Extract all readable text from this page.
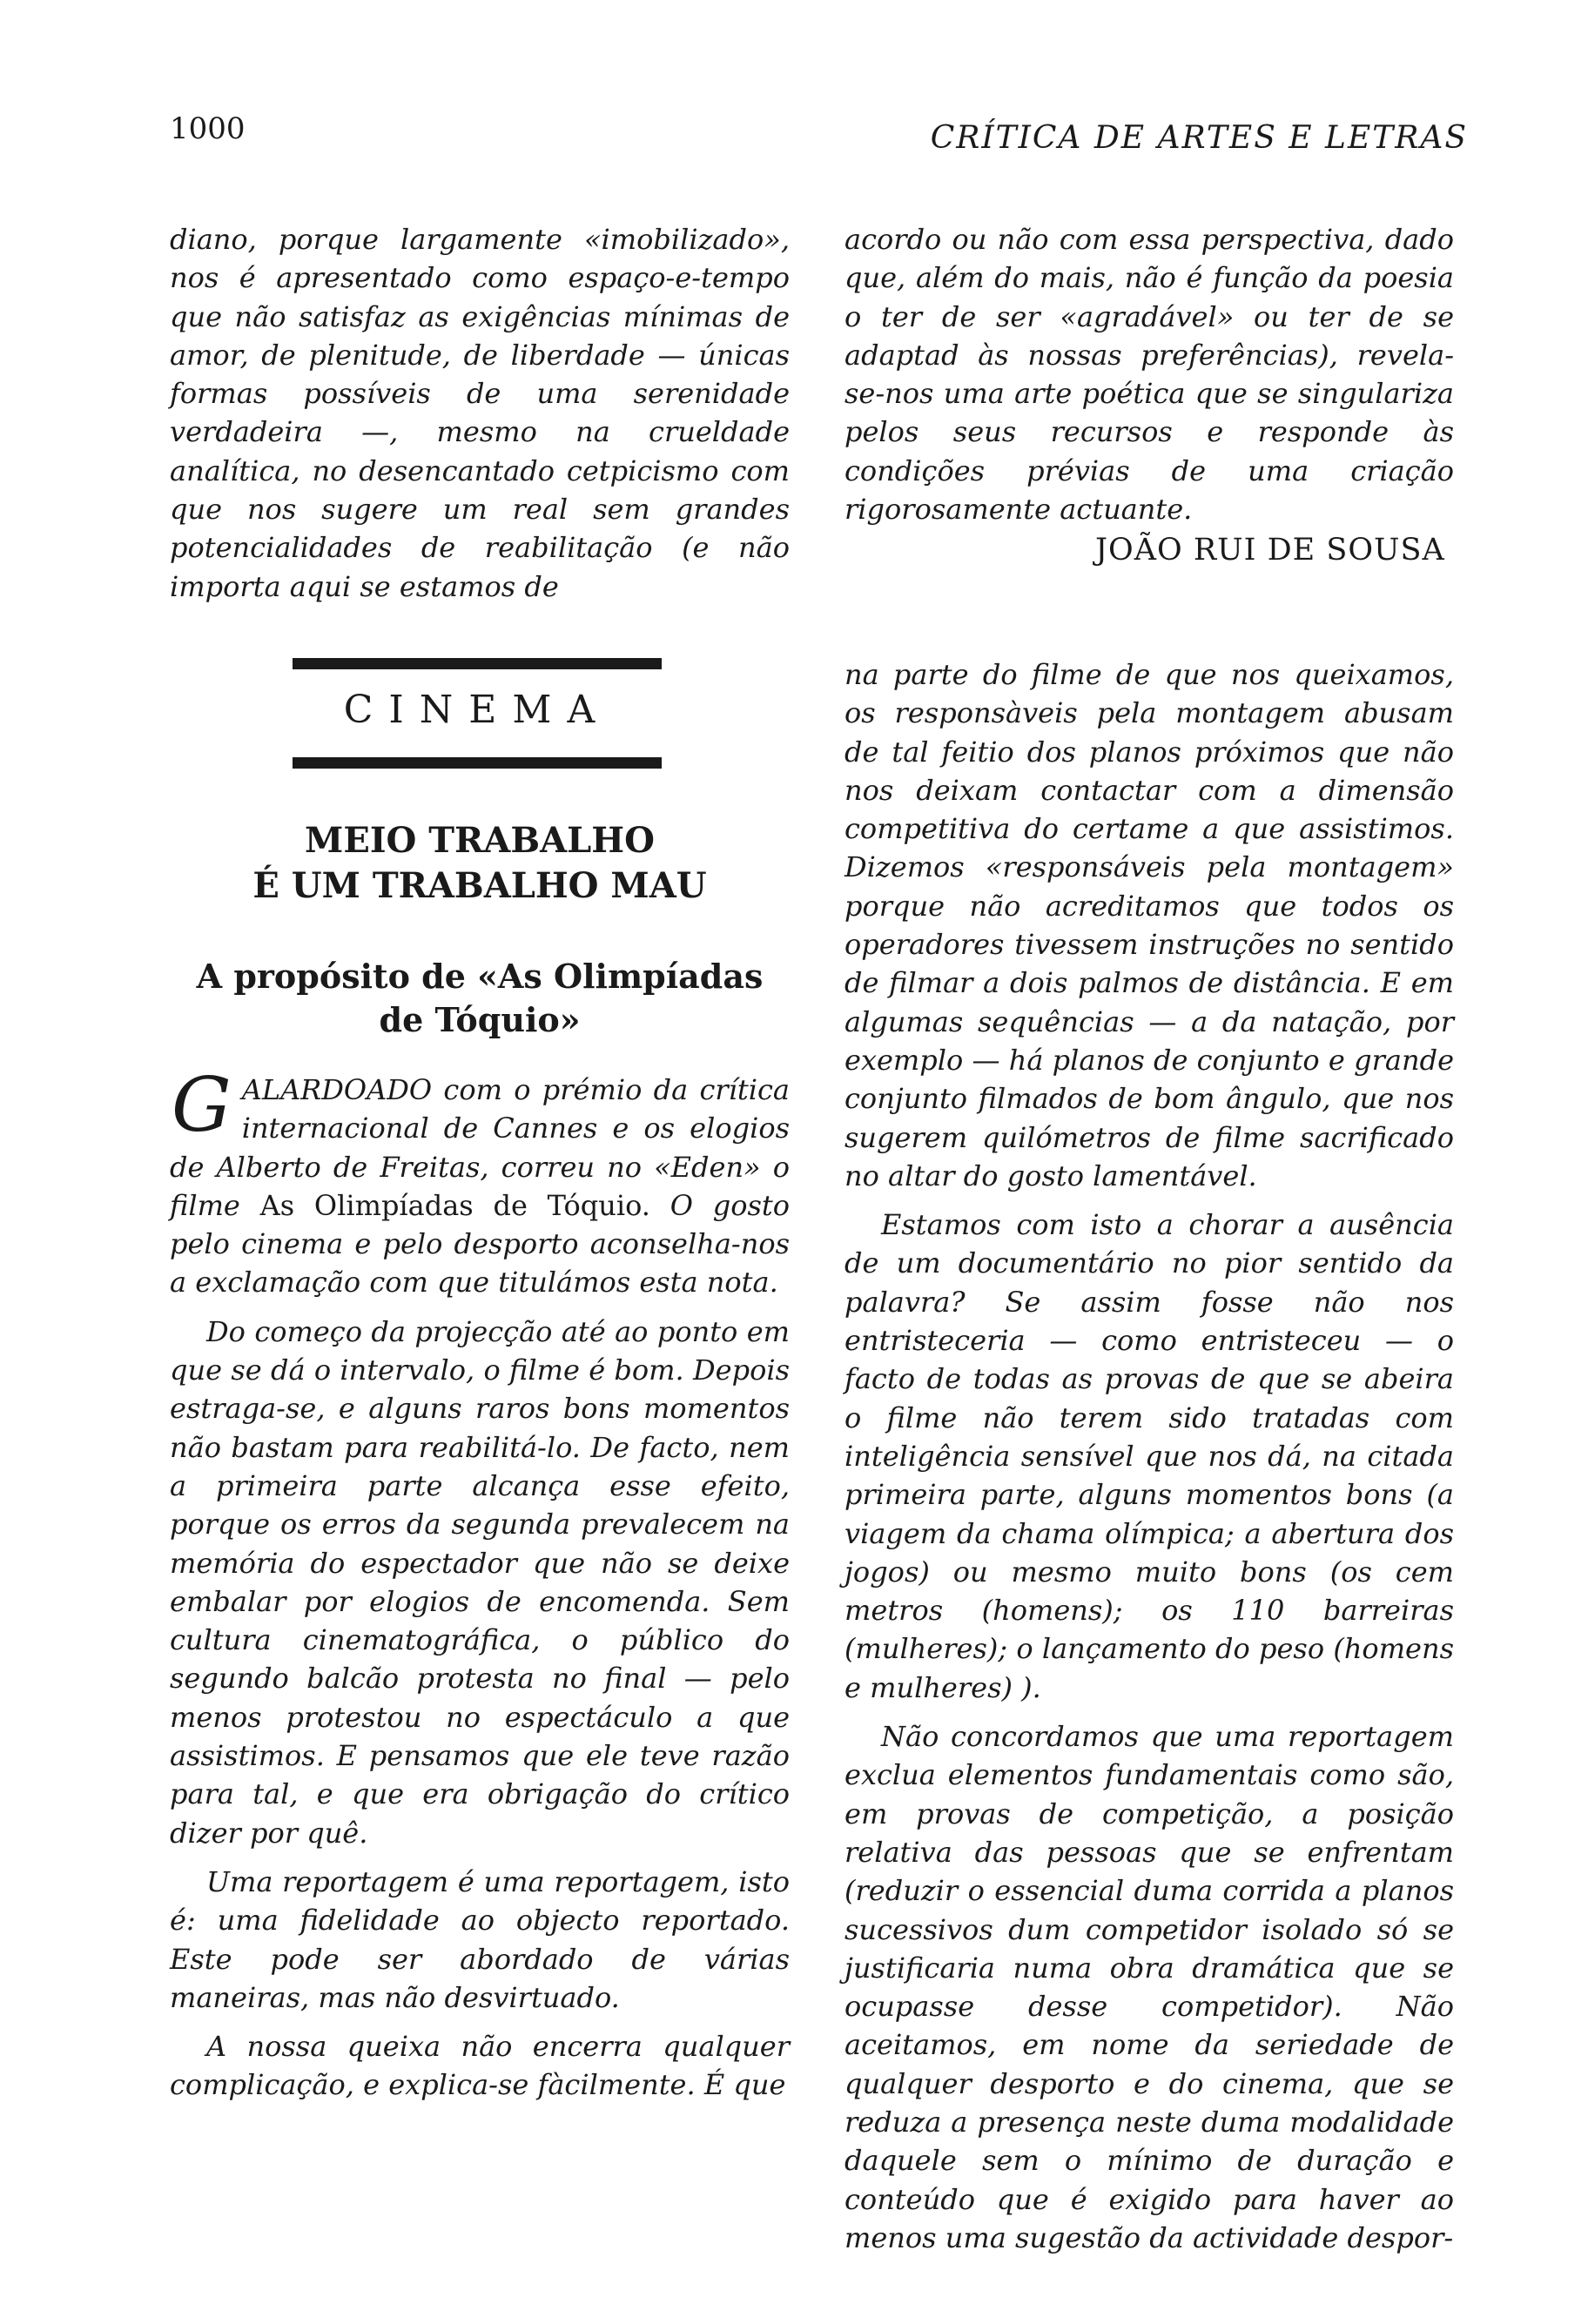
1000	CRÍTICA DE ARTES E LETRAS

diano, porque largamente «imobilizado», nos é apresentado como espaço-e-tempo que não satisfaz as exigências mínimas de amor, de plenitude, de liberdade — únicas formas possíveis de uma serenidade verdadeira —, mesmo na crueldade analítica, no desencantado cetpicismo com que nos sugere um real sem grandes potencialidades de reabilitação (e não importa aqui se estamos de

acordo ou não com essa perspectiva, dado que, além do mais, não é função da poesia o ter de ser «agradável» ou ter de se adaptad às nossas preferências), revela-se-nos uma arte poética que se singulariza pelos seus recursos e responde às condições prévias de uma criação rigorosamente actuante.

JOÃO RUI DE SOUSA
CINEMA
MEIO TRABALHO
É UM TRABALHO MAU
A propósito de «As Olimpíadas
de Tóquio»

GALARDOADO com o prémio da crítica internacional de Cannes e os elogios de Alberto de Freitas, correu no «Eden» o filme As Olimpíadas de Tóquio. O gosto pelo cinema e pelo desporto aconselha-nos a exclamação com que titulámos esta nota.

Do começo da projecção até ao ponto em que se dá o intervalo, o filme é bom. Depois estraga-se, e alguns raros bons momentos não bastam para reabilitá-lo. De facto, nem a primeira parte alcança esse efeito, porque os erros da segunda prevalecem na memória do espectador que não se deixe embalar por elogios de encomenda. Sem cultura cinematográfica, o público do segundo balcão protesta no final — pelo menos protestou no espectáculo a que assistimos. E pensamos que ele teve razão para tal, e que era obrigação do crítico dizer por quê.

Uma reportagem é uma reportagem, isto é: uma fidelidade ao objecto reportado. Este pode ser abordado de várias maneiras, mas não desvirtuado.

A nossa queixa não encerra qualquer complicação, e explica-se fàcilmente. É que

na parte do filme de que nos queixamos, os responsàveis pela montagem abusam de tal feitio dos planos próximos que não nos deixam contactar com a dimensão competitiva do certame a que assistimos. Dizemos «responsáveis pela montagem» porque não acreditamos que todos os operadores tivessem instruções no sentido de filmar a dois palmos de distância. E em algumas sequências — a da natação, por exemplo — há planos de conjunto e grande conjunto filmados de bom ângulo, que nos sugerem quilómetros de filme sacrificado no altar do gosto lamentável.

Estamos com isto a chorar a ausência de um documentário no pior sentido da palavra? Se assim fosse não nos entristeceria — como entristeceu — o facto de todas as provas de que se abeira o filme não terem sido tratadas com inteligência sensível que nos dá, na citada primeira parte, alguns momentos bons (a viagem da chama olímpica; a abertura dos jogos) ou mesmo muito bons (os cem metros (homens); os 110 barreiras (mulheres); o lançamento do peso (homens e mulheres) ).

Não concordamos que uma reportagem exclua elementos fundamentais como são, em provas de competição, a posição relativa das pessoas que se enfrentam (reduzir o essencial duma corrida a planos sucessivos dum competidor isolado só se justificaria numa obra dramática que se ocupasse desse competidor). Não aceitamos, em nome da seriedade de qualquer desporto e do cinema, que se reduza a presença neste duma modalidade daquele sem o mínimo de duração e conteúdo que é exigido para haver ao menos uma sugestão da actividade despor-
